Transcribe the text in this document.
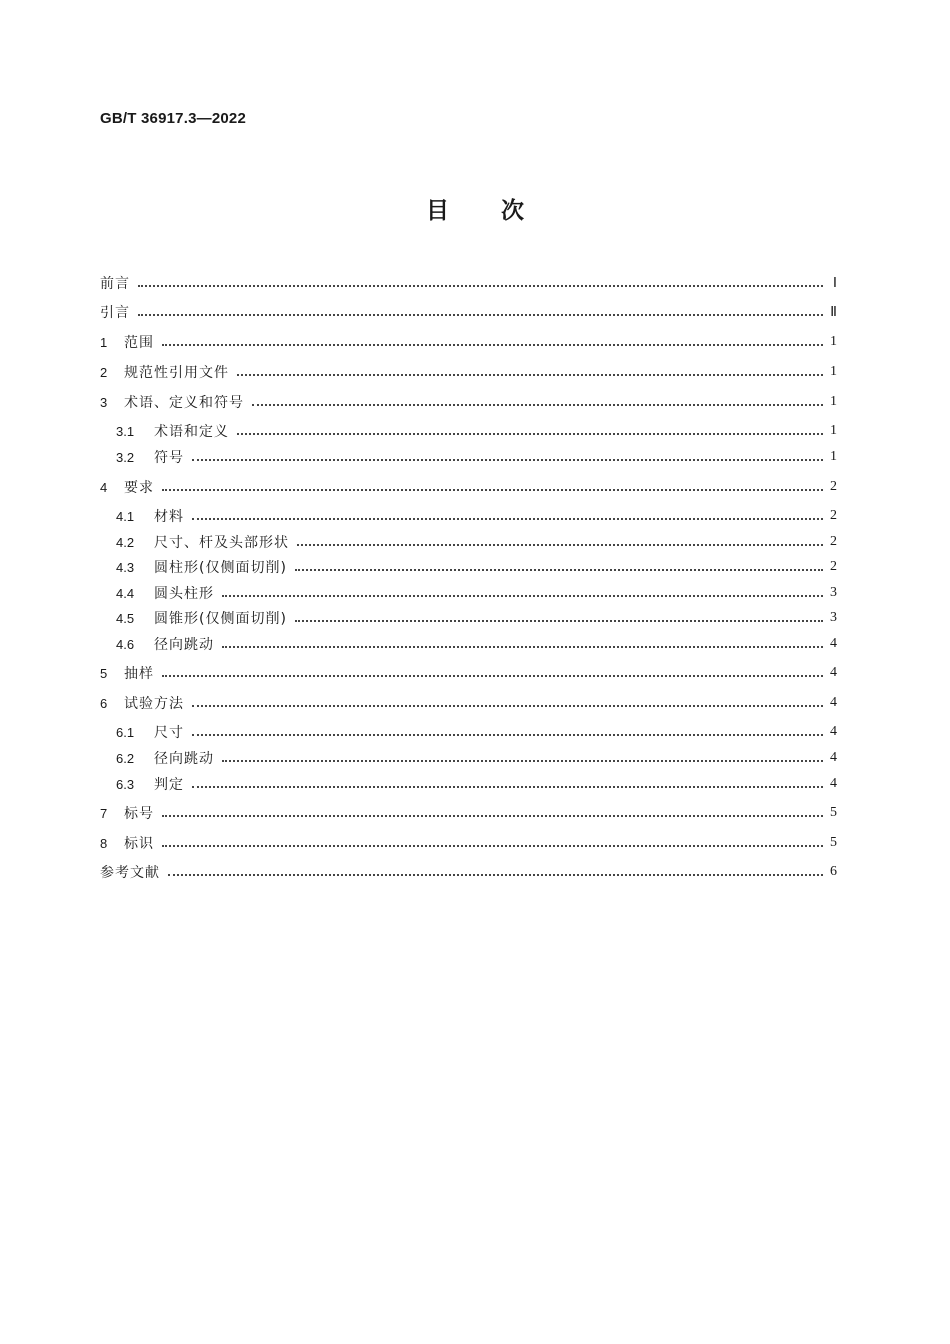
GB/T 36917.3—2022
目次
前言	Ⅰ
引言	Ⅱ
1	范围	1
2	规范性引用文件	1
3	术语、定义和符号	1
3.1	术语和定义	1
3.2	符号	1
4	要求	2
4.1	材料	2
4.2	尺寸、杆及头部形状	2
4.3	圆柱形(仅侧面切削)	2
4.4	圆头柱形	3
4.5	圆锥形(仅侧面切削)	3
4.6	径向跳动	4
5	抽样	4
6	试验方法	4
6.1	尺寸	4
6.2	径向跳动	4
6.3	判定	4
7	标号	5
8	标识	5
参考文献	6
